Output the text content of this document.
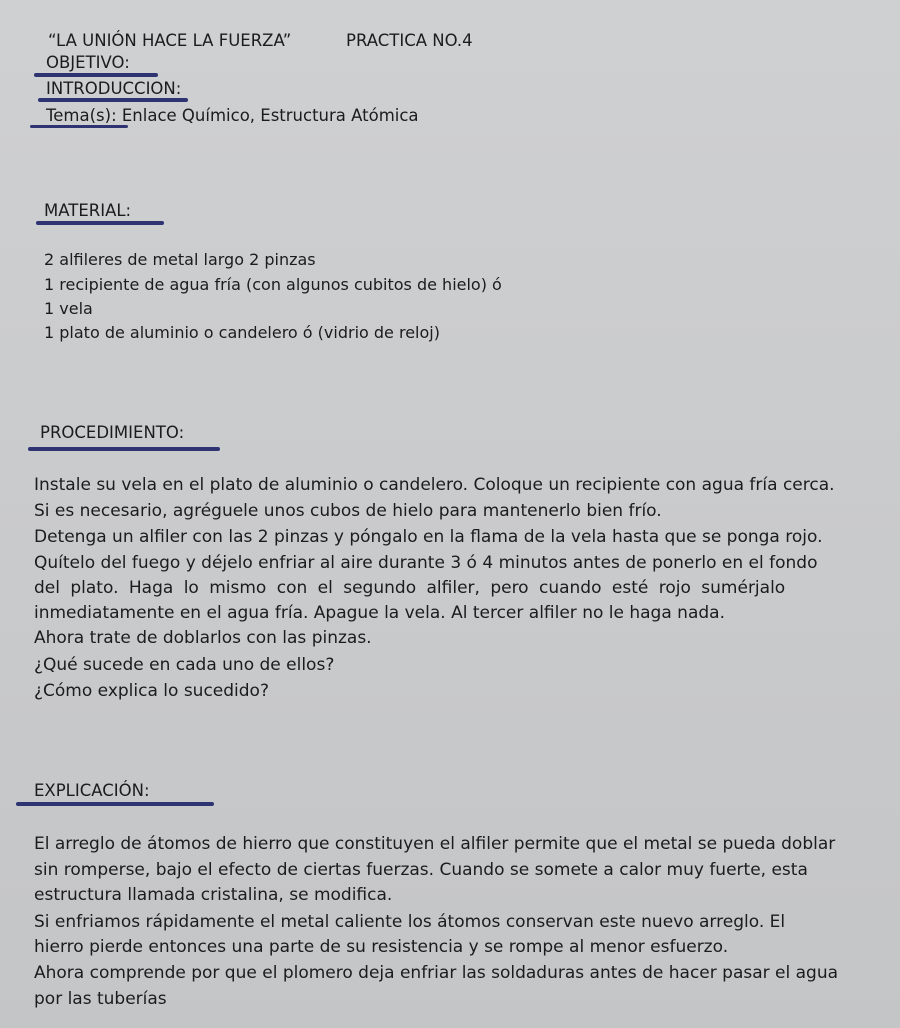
“LA UNIÓN HACE LA FUERZA”	PRACTICA NO.4
OBJETIVO:
INTRODUCCION:
Tema(s): Enlace Químico, Estructura Atómica
MATERIAL:
2 alfileres de metal largo 2 pinzas
1 recipiente de agua fría (con algunos cubitos de hielo) ó
1 vela
1 plato de aluminio o candelero ó (vidrio de reloj)
PROCEDIMIENTO:
Instale su vela en el plato de aluminio o candelero. Coloque un recipiente con agua fría cerca.
Si es necesario, agréguele unos cubos de hielo para mantenerlo bien frío.
Detenga un alfiler con las 2 pinzas y póngalo en la flama de la vela hasta que se ponga rojo.
Quítelo del fuego y déjelo enfriar al aire durante 3 ó 4 minutos antes de ponerlo en el fondo
del plato. Haga lo mismo con el segundo alfiler, pero cuando esté rojo sumérjalo
inmediatamente en el agua fría. Apague la vela. Al tercer alfiler no le haga nada.
Ahora trate de doblarlos con las pinzas.
¿Qué sucede en cada uno de ellos?
¿Cómo explica lo sucedido?
EXPLICACIÓN:
El arreglo de átomos de hierro que constituyen el alfiler permite que el metal se pueda doblar
sin romperse, bajo el efecto de ciertas fuerzas. Cuando se somete a calor muy fuerte, esta
estructura llamada cristalina, se modifica.
Si enfriamos rápidamente el metal caliente los átomos conservan este nuevo arreglo. El
hierro pierde entonces una parte de su resistencia y se rompe al menor esfuerzo.
Ahora comprende por que el plomero deja enfriar las soldaduras antes de hacer pasar el agua
por las tuberías
